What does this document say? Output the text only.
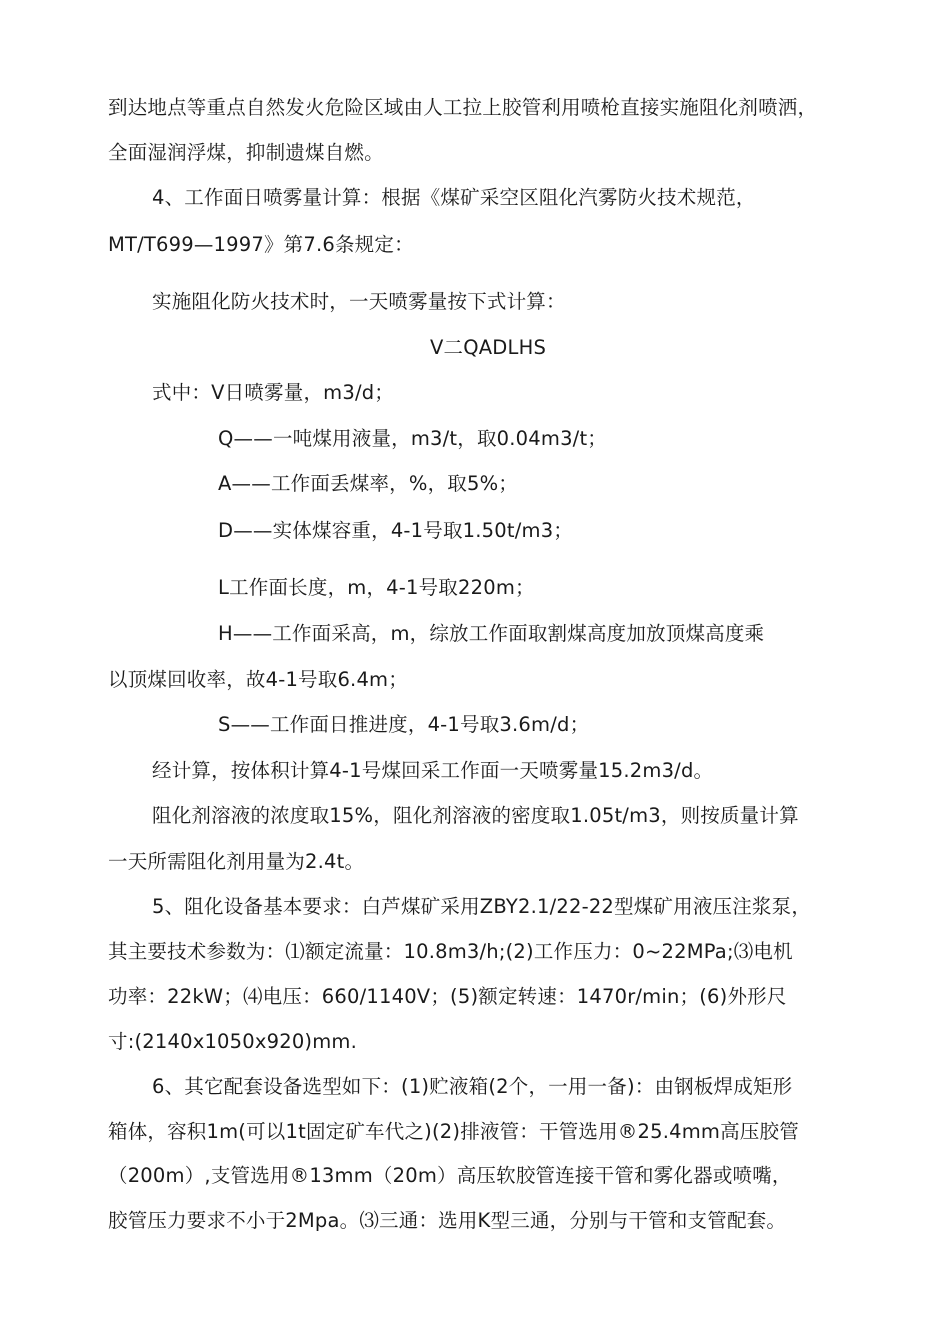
到达地点等重点自然发火危险区域由人工拉上胶管利用喷枪直接实施阻化剂喷洒，
全面湿润浮煤，抑制遗煤自燃。
4、工作面日喷雾量计算：根据《煤矿采空区阻化汽雾防火技术规范，
MT/T699—1997》第7.6条规定：
实施阻化防火技术时，一天喷雾量按下式计算：
V二QADLHS
式中：V日喷雾量，m3/d；
Q——一吨煤用液量，m3/t，取0.04m3/t；
A——工作面丢煤率，%，取5%；
D——实体煤容重，4-1号取1.50t/m3；
L工作面长度，m，4-1号取220m；
H——工作面采高，m，综放工作面取割煤高度加放顶煤高度乘
以顶煤回收率，故4-1号取6.4m；
S——工作面日推进度，4-1号取3.6m/d；
经计算，按体积计算4-1号煤回采工作面一天喷雾量15.2m3/d。
阻化剂溶液的浓度取15%，阻化剂溶液的密度取1.05t/m3，则按质量计算
一天所需阻化剂用量为2.4t。
5、阻化设备基本要求：白芦煤矿采用ZBY2.1/22-22型煤矿用液压注浆泵，
其主要技术参数为：⑴额定流量：10.8m3/h;(2)工作压力：0~22MPa;⑶电机
功率：22kW；⑷电压：660/1140V；(5)额定转速：1470r/min；(6)外形尺
寸:(2140x1050x920)mm.
6、其它配套设备选型如下：(1)贮液箱(2个，一用一备)：由钢板焊成矩形
箱体，容积1m(可以1t固定矿车代之)(2)排液管：干管选用®25.4mm高压胶管
（200m）,支管选用®13mm（20m）高压软胶管连接干管和雾化器或喷嘴，
胶管压力要求不小于2Mpa。⑶三通：选用K型三通，分别与干管和支管配套。
